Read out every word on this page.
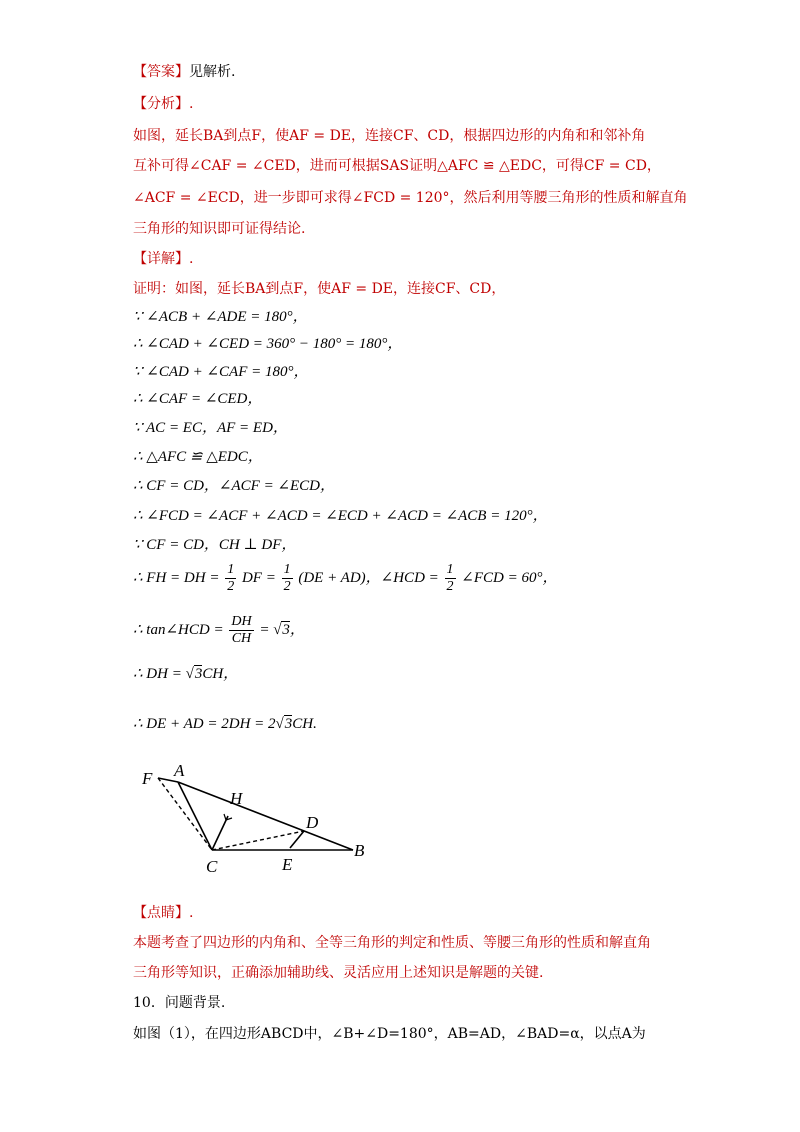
【答案】见解析.
【分析】.
如图，延长BA到点F，使AF = DE，连接CF、CD，根据四边形的内角和和邻补角
互补可得∠CAF = ∠CED，进而可根据SAS证明△AFC ≌ △EDC，可得CF = CD，
∠ACF = ∠ECD，进一步即可求得∠FCD = 120°，然后利用等腰三角形的性质和解直角
三角形的知识即可证得结论.
【详解】.
证明：如图，延长BA到点F，使AF = DE，连接CF、CD，
∵ ∠ACB + ∠ADE = 180°，
∴ ∠CAD + ∠CED = 360° − 180° = 180°，
∵ ∠CAD + ∠CAF = 180°，
∴ ∠CAF = ∠CED，
∵ AC = EC，AF = ED，
∴ △AFC ≌ △EDC，
∴ CF = CD，∠ACF = ∠ECD，
∴ ∠FCD = ∠ACF + ∠ACD = ∠ECD + ∠ACD = ∠ACB = 120°，
∵ CF = CD，CH ⊥ DF，
∴ FH = DH = $\frac{1}{2}$ DF = $\frac{1}{2} (DE + AD)$，∠HCD = $\frac{1}{2}$ ∠FCD = 60°，
∴ tan∠HCD = $\frac{DH}{CH} = √3$，
∴ DH = √3CH，
∴ DE + AD = 2DH = 2√3CH.
F A
H
D
C	E
B
【点睛】.
本题考查了四边形的内角和、全等三角形的判定和性质、等腰三角形的性质和解直角
三角形等知识，正确添加辅助线、灵活应用上述知识是解题的关键.
10．问题背景.
如图（1），在四边形ABCD中，∠B+∠D=180°，AB=AD，∠BAD=α，以点A为
